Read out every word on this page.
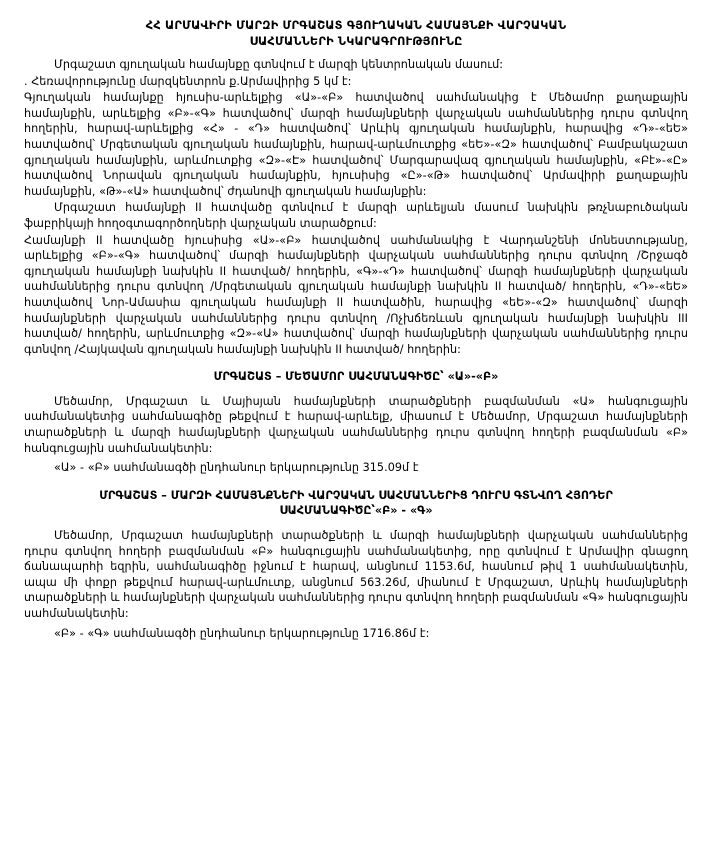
ՀՀ ԱՐՄԱՎԻՐԻ ՄԱՐԶԻ ՄՐԳԱՇԱՏ ԳՅՈՒՂԱԿԱՆ ՀԱՄԱՅՆՔԻ ՎԱՐՉԱԿԱՆ
ՍԱՀՄԱՆՆԵՐԻ ՆԿԱՐԱԳՐՈՒԹՅՈՒՆԸ

Մրգաշատ գյուղական համայնքը գտնվում է մարզի կենտրոնական մասում:

. Հեռավորությունը մարզկենտրոն ք.Արմավիրից 5 կմ է:

Գյուղական համայնքը հյուսիս-արևելքից «Ա»-«Բ» հատվածով սահմանակից է Մեծամոր քաղաքային համայնքին, արևելքից «Բ»-«Գ» հատվածով՝ մարզի համայնքների վարչական սահմաններից դուրս գտնվող հողերին, հարավ-արևելքից «Հ» - «Դ» հատվածով՝ Արևիկ գյուղական համայնքին, հարավից «Դ»-«եԵ» հատվածով՝ Մրգետական գյուղական համայնքին, հարավ-արևմուտքից «եԵ»-«Զ» հատվածով՝ Բամբակաշատ գյուղական համայնքին, արևմուտքից «Զ»-«Է» հատվածով՝ Մարգարավազ գյուղական համայնքին, «Բէ»-«Ը» հատվածով Նորավան գյուղական համայնքին, հյուսիսից «Ը»-«Թ» հատվածով՝ Արմավիրի քաղաքային համայնքին, «Թ»-«Ա» հատվածով՝ ժդանովի գյուղական համայնքին:

Մրգաշատ համայնքի II հատվածը գտնվում է մարզի արևելյան մասում նախկին թռչնաբուծական ֆաբրիկայի հողօգտագործողների վարչական տարածքում:

Համայնքի II հատվածը հյուսիսից «Ա»-«Բ» հատվածով սահմանակից է Վարդանշենի մոնեստությանը, արևելքից «Բ»-«Գ» հատվածով՝ մարզի համայնքների վարչական սահմաններից դուրս գտնվող /Շրջագծ գյուղական համայնքի նախկին II հատված/ հողերին, «Գ»-«Դ» հատվածով՝ մարզի համայնքների վարչական սահմաններից դուրս գտնվող /Մրգետական գյուղական համայնքի նախկին II հատված/ հողերին, «Դ»-«եԵ» հատվածով Նոր-Ամասիա գյուղական համայնքի II հատվածին, հարավից «եԵ»-«Զ» հատվածով՝ մարզի համայնքների վարչական սահմաններից դուրս գտնվող /Ոչխճեռևան գյուղական համայնքի նախկին III հատված/ հողերին, արևմուտքից «Զ»-«Ա» հատվածով՝ մարզի համայնքների վարչական սահմաններից դուրս գտնվող /Հայկավան գյուղական համայնքի նախկին II հատված/ հողերին:

ՄՐԳԱՇԱՏ – ՄԵԾԱՄՈՐ ՍԱՀՄԱՆԱԳԻԾԸ՝ «Ա»-«Բ»

Մեծամոր, Մրգաշատ և Մայիսյան համայնքների տարածքների բազմանման «Ա» հանգուցային սահմանակետից սահմանագիծը թեքվում է հարավ-արևելք, միասում է Մեծամոր, Մրգաշատ համայնքների տարածքների և մարզի համայնքների վարչական սահմաններից դուրս գտնվող հողերի բազմանման «Բ» հանգուցային սահմանակետին:

«Ա» - «Բ» սահմանագծի ընդհանուր երկարությունը 315.09մ է

ՄՐԳԱՇԱՏ – ՄԱՐԶԻ ՀԱՄԱՅՆՔՆԵՐԻ ՎԱՐՉԱԿԱՆ ՍԱՀՄԱՆՆԵՐԻՑ ԴՈՒՐՍ ԳՏՆՎՈՂ ՀՅՈԴԵՐ
ՍԱՀՄԱՆԱԳԻԾԸ՝«Բ» - «Գ»

Մեծամոր, Մրգաշատ համայնքների տարածքների և մարզի համայնքների վարչական սահմաններից դուրս գտնվող հողերի բազմանման «Բ» հանգուցային սահմանակետից, որը գտնվում է Արմավիր գնացող ճանապարհի եզրին, սահմանագիծը իջնում է հարավ, անցնում 1153.6մ, հասնում թիվ 1 սահմանակետին, ապա մի փոքր թեքվում հարավ-արևմուտք, անցնում 563.26մ, միանում է Մրգաշատ, Արևիկ համայնքների տարածքների և համայնքների վարչական սահմաններից դուրս գտնվող հողերի բազմանման «Գ» հանգուցային սահմանակետին:

«Բ» - «Գ» սահմանագծի ընդհանուր երկարությունը 1716.86մ է:
